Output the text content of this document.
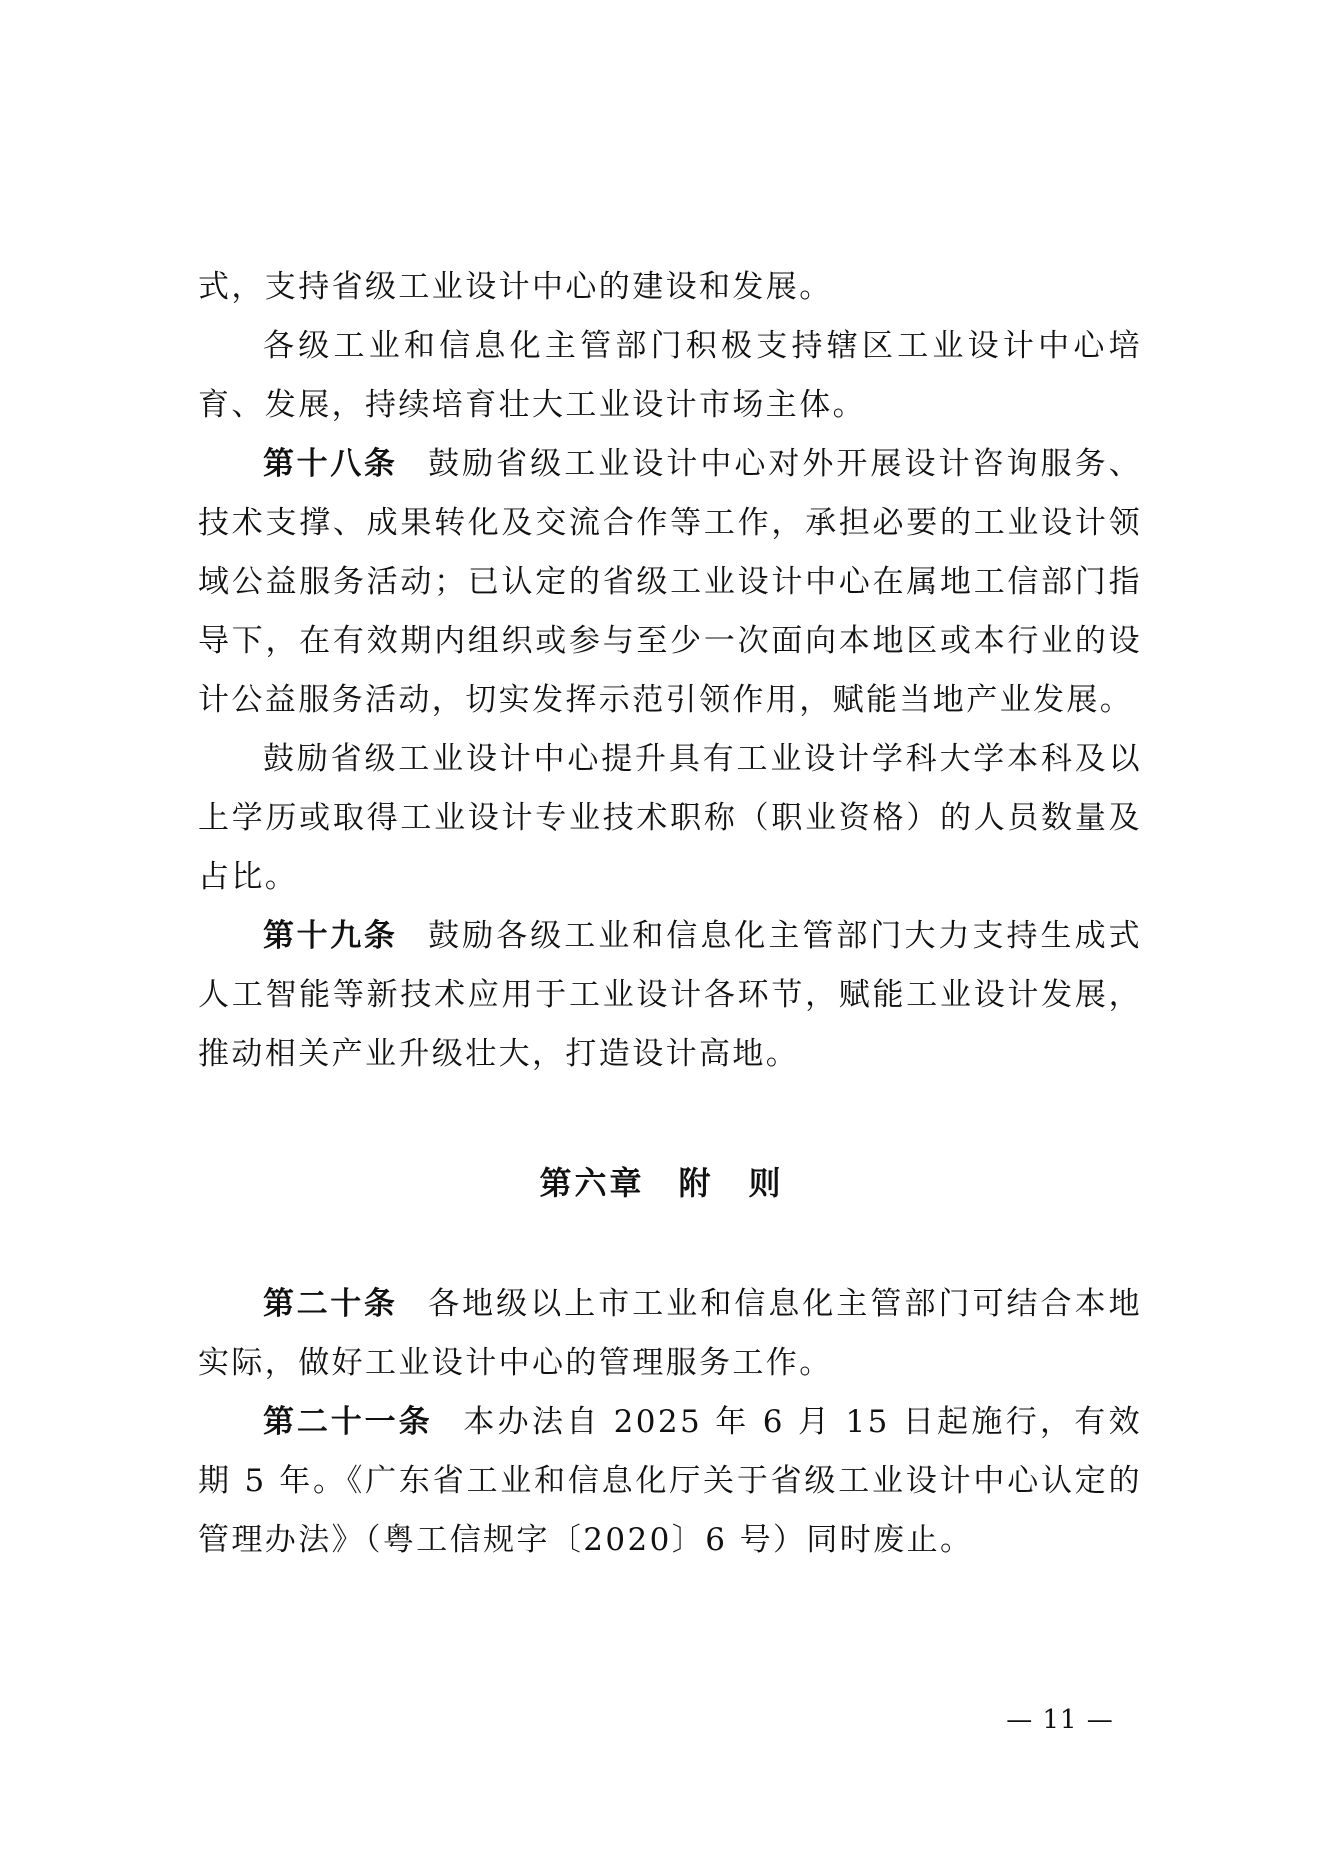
式，支持省级工业设计中心的建设和发展。

各级工业和信息化主管部门积极支持辖区工业设计中心培育、发展，持续培育壮大工业设计市场主体。

第十八条 鼓励省级工业设计中心对外开展设计咨询服务、技术支撑、成果转化及交流合作等工作，承担必要的工业设计领域公益服务活动；已认定的省级工业设计中心在属地工信部门指导下，在有效期内组织或参与至少一次面向本地区或本行业的设计公益服务活动，切实发挥示范引领作用，赋能当地产业发展。

鼓励省级工业设计中心提升具有工业设计学科大学本科及以上学历或取得工业设计专业技术职称（职业资格）的人员数量及占比。

第十九条 鼓励各级工业和信息化主管部门大力支持生成式人工智能等新技术应用于工业设计各环节，赋能工业设计发展，推动相关产业升级壮大，打造设计高地。

第六章 附　则

第二十条 各地级以上市工业和信息化主管部门可结合本地实际，做好工业设计中心的管理服务工作。

第二十一条 本办法自 2025 年 6 月 15 日起施行，有效期 5 年。《广东省工业和信息化厅关于省级工业设计中心认定的管理办法》（粤工信规字〔2020〕6 号）同时废止。

— 11 —
